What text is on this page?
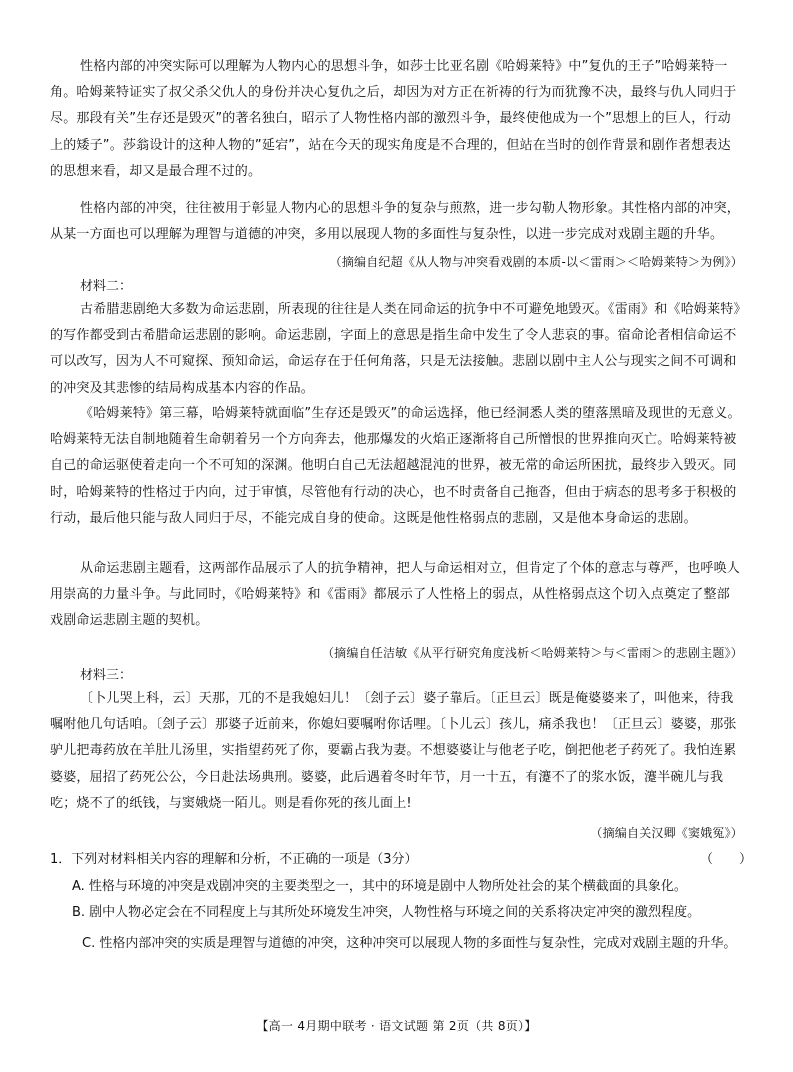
性格内部的冲突实际可以理解为人物内心的思想斗争，如莎士比亚名剧《哈姆莱特》中”复仇的王子”哈姆莱特一角。哈姆莱特证实了叔父杀父仇人的身份并决心复仇之后，却因为对方正在祈祷的行为而犹豫不决，最终与仇人同归于尽。那段有关”生存还是毁灭”的著名独白，昭示了人物性格内部的激烈斗争，最终使他成为一个”思想上的巨人，行动上的矮子”。莎翁设计的这种人物的”延宕”，站在今天的现实角度是不合理的，但站在当时的创作背景和剧作者想表达的思想来看，却又是最合理不过的。
性格内部的冲突，往往被用于彰显人物内心的思想斗争的复杂与煎熬，进一步勾勒人物形象。其性格内部的冲突，从某一方面也可以理解为理智与道德的冲突，多用以展现人物的多面性与复杂性，以进一步完成对戏剧主题的升华。
（摘编自纪超《从人物与冲突看戏剧的本质-以＜雷雨＞＜哈姆莱特＞为例》）
材料二：
古希腊悲剧绝大多数为命运悲剧，所表现的往往是人类在同命运的抗争中不可避免地毁灭。《雷雨》和《哈姆莱特》的写作都受到古希腊命运悲剧的影响。命运悲剧，字面上的意思是指生命中发生了令人悲哀的事。宿命论者相信命运不可以改写，因为人不可窥探、预知命运，命运存在于任何角落，只是无法接触。悲剧以剧中主人公与现实之间不可调和的冲突及其悲惨的结局构成基本内容的作品。
《哈姆莱特》第三幕，哈姆莱特就面临”生存还是毁灭”的命运选择，他已经洞悉人类的堕落黑暗及现世的无意义。哈姆莱特无法自制地随着生命朝着另一个方向奔去，他那爆发的火焰正逐渐将自己所憎恨的世界推向灭亡。哈姆莱特被自己的命运驱使着走向一个不可知的深渊。他明白自己无法超越混沌的世界，被无常的命运所困扰，最终步入毁灭。同时，哈姆莱特的性格过于内向，过于审慎，尽管他有行动的决心，也不时责备自己拖沓，但由于病态的思考多于积极的行动，最后他只能与敌人同归于尽，不能完成自身的使命。这既是他性格弱点的悲剧，又是他本身命运的悲剧。
从命运悲剧主题看，这两部作品展示了人的抗争精神，把人与命运相对立，但肯定了个体的意志与尊严，也呼唤人用崇高的力量斗争。与此同时，《哈姆莱特》和《雷雨》都展示了人性格上的弱点，从性格弱点这个切入点奠定了整部戏剧命运悲剧主题的契机。
（摘编自任洁敏《从平行研究角度浅析＜哈姆莱特＞与＜雷雨＞的悲剧主题》）
材料三：
〔卜儿哭上科，云〕天那，兀的不是我媳妇儿！〔刽子云〕婆子靠后。〔正旦云〕既是俺婆婆来了，叫他来，待我嘱咐他几句话咱。〔刽子云〕那婆子近前来，你媳妇要嘱咐你话哩。〔卜儿云〕孩儿，痛杀我也！〔正旦云〕婆婆，那张驴儿把毒药放在羊肚儿汤里，实指望药死了你，要霸占我为妻。不想婆婆让与他老子吃，倒把他老子药死了。我怕连累婆婆，屈招了药死公公，今日赴法场典刑。婆婆，此后遇着冬时年节，月一十五，有瀽不了的浆水饭，瀽半碗儿与我吃；烧不了的纸钱，与窦娥烧一陌儿。则是看你死的孩儿面上!
（摘编自关汉卿《窦娥冤》）
1．下列对材料相关内容的理解和分析，不正确的一项是（3分）	（　　）
A. 性格与环境的冲突是戏剧冲突的主要类型之一，其中的环境是剧中人物所处社会的某个横截面的具象化。
B. 剧中人物必定会在不同程度上与其所处环境发生冲突，人物性格与环境之间的关系将决定冲突的激烈程度。
C. 性格内部冲突的实质是理智与道德的冲突，这种冲突可以展现人物的多面性与复杂性，完成对戏剧主题的升华。
【高一 4月期中联考 · 语文试题 第 2页（共 8页）】
